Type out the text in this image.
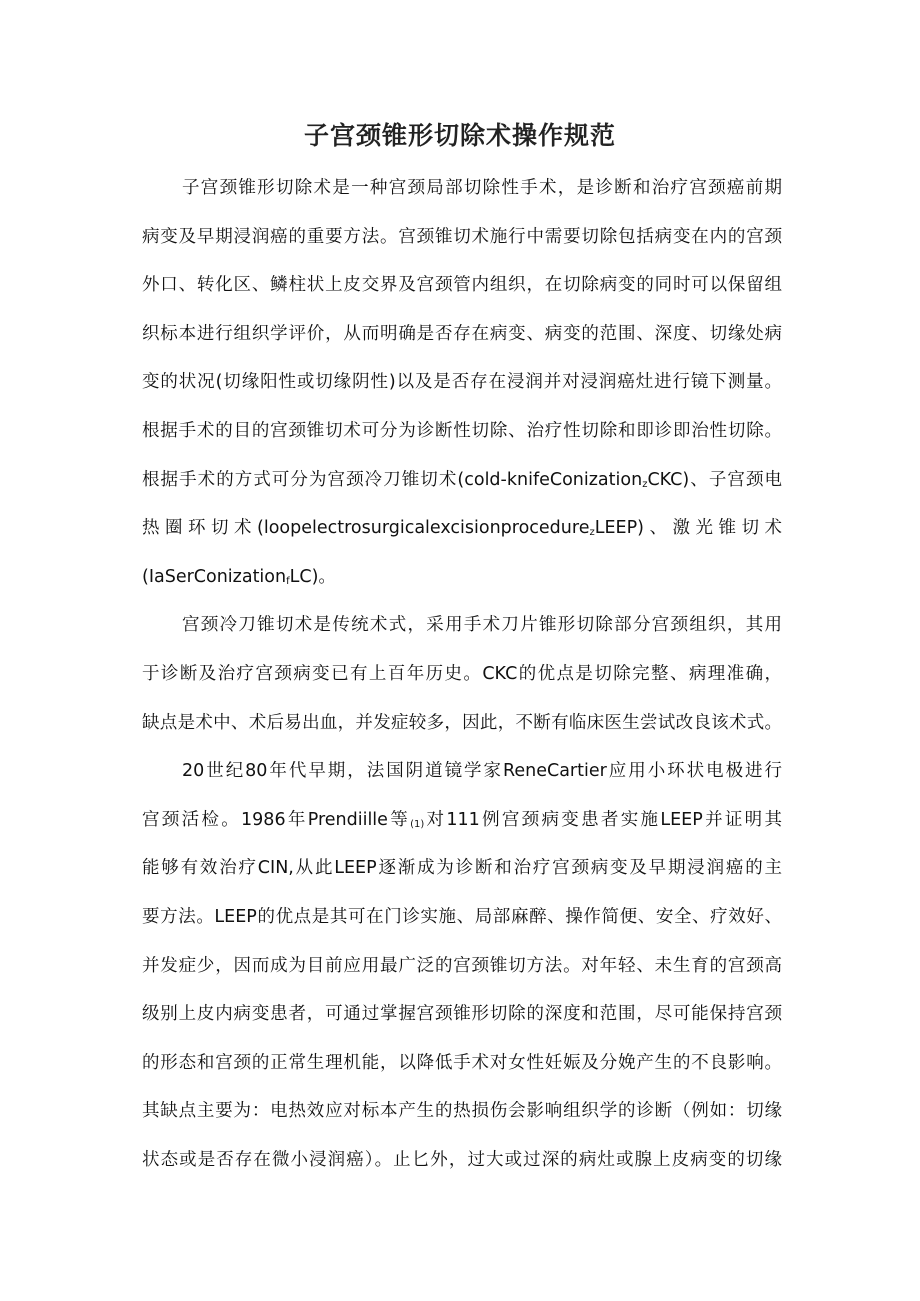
子宫颈锥形切除术操作规范
子宫颈锥形切除术是一种宫颈局部切除性手术，是诊断和治疗宫颈癌前期
病变及早期浸润癌的重要方法。宫颈锥切术施行中需要切除包括病变在内的宫颈
外口、转化区、鳞柱状上皮交界及宫颈管内组织，在切除病变的同时可以保留组
织标本进行组织学评价，从而明确是否存在病变、病变的范围、深度、切缘处病
变的状况(切缘阳性或切缘阴性)以及是否存在浸润并对浸润癌灶进行镜下测量。
根据手术的目的宫颈锥切术可分为诊断性切除、治疗性切除和即诊即治性切除。
根据手术的方式可分为宫颈冷刀锥切术(cold-knifeConization$_z$CKC)、子宫颈电
热圈环切术(loopelectrosurgicalexcisionprocedure$_z$LEEP)、激光锥切术
(IaSerConization$_f$LC)。
宫颈冷刀锥切术是传统术式，采用手术刀片锥形切除部分宫颈组织，其用
于诊断及治疗宫颈病变已有上百年历史。CKC的优点是切除完整、病理准确，
缺点是术中、术后易出血，并发症较多，因此，不断有临床医生尝试改良该术式。
20世纪80年代早期，法国阴道镜学家ReneCartier应用小环状电极进行
宫颈活检。1986年Prendiille等$_{(1)}$对111例宫颈病变患者实施LEEP并证明其
能够有效治疗CIN,从此LEEP逐渐成为诊断和治疗宫颈病变及早期浸润癌的主
要方法。LEEP的优点是其可在门诊实施、局部麻醉、操作简便、安全、疗效好、
并发症少，因而成为目前应用最广泛的宫颈锥切方法。对年轻、未生育的宫颈高
级别上皮内病变患者，可通过掌握宫颈锥形切除的深度和范围，尽可能保持宫颈
的形态和宫颈的正常生理机能，以降低手术对女性妊娠及分娩产生的不良影响。
其缺点主要为：电热效应对标本产生的热损伤会影响组织学的诊断（例如：切缘
状态或是否存在微小浸润癌）。止匕外，过大或过深的病灶或腺上皮病变的切缘
